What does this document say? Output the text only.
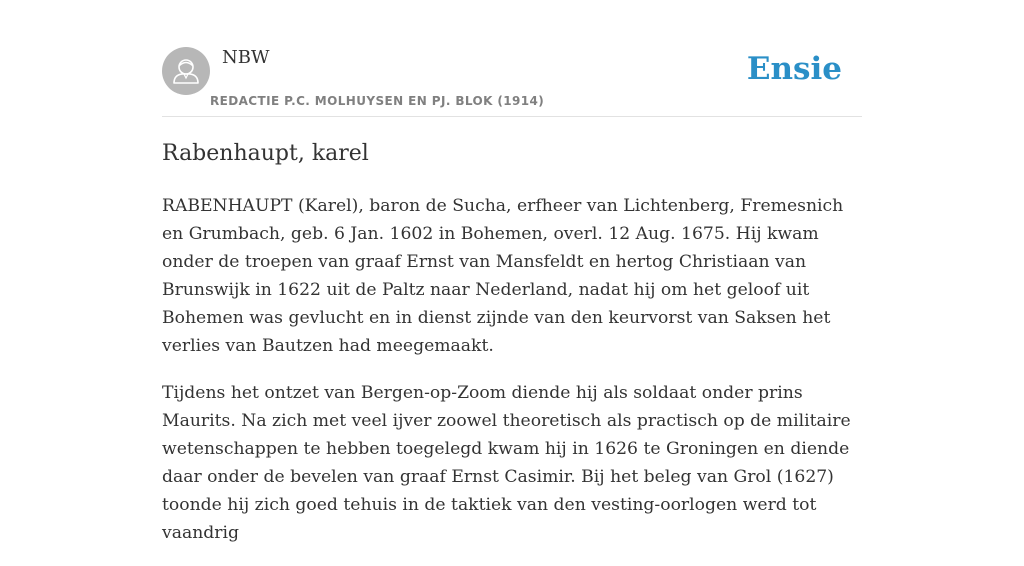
NBW
REDACTIE P.C. MOLHUYSEN EN PJ. BLOK (1914)
Ensie
Rabenhaupt, karel

RABENHAUPT (Karel), baron de Sucha, erfheer van Lichtenberg, Fremesnich en Grumbach, geb. 6 Jan. 1602 in Bohemen, overl. 12 Aug. 1675. Hij kwam onder de troepen van graaf Ernst van Mansfeldt en hertog Christiaan van Brunswijk in 1622 uit de Paltz naar Nederland, nadat hij om het geloof uit Bohemen was gevlucht en in dienst zijnde van den keurvorst van Saksen het verlies van Bautzen had meegemaakt.

Tijdens het ontzet van Bergen-op-Zoom diende hij als soldaat onder prins Maurits. Na zich met veel ijver zoowel theoretisch als practisch op de militaire wetenschappen te hebben toegelegd kwam hij in 1626 te Groningen en diende daar onder de bevelen van graaf Ernst Casimir. Bij het beleg van Grol (1627) toonde hij zich goed tehuis in de taktiek van den vesting-oorlogen werd tot vaandrig
